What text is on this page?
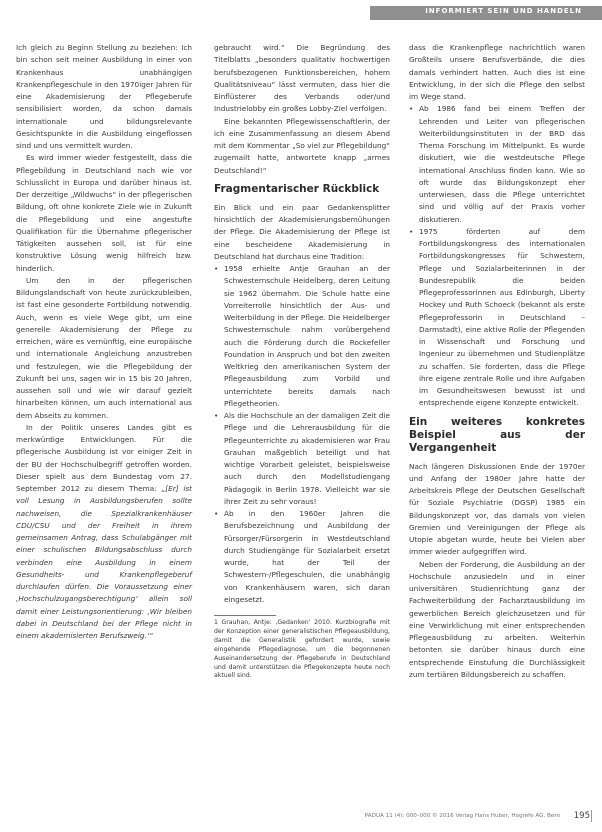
INFORMIERT SEIN UND HANDELN

Ich gleich zu Beginn Stellung zu beziehen: Ich bin schon seit meiner Ausbildung in einer von Krankenhaus unabhängigen Krankenpflegeschule in den 1970iger Jahren für eine Akademisierung der Pflegeberufe sensibilisiert worden, da schon damals internationale und bildungsrelevante Gesichtspunkte in die Ausbildung eingeflossen sind und uns vermittelt wurden.

Es wird immer wieder festgestellt, dass die Pflegebildung in Deutschland nach wie vor Schlusslicht in Europa und darüber hinaus ist. Der derzeitige „Wildwuchs“ in der pflegerischen Bildung, oft ohne konkrete Ziele wie in Zukunft die Pflegebildung und eine angestufte Qualifikation für die Übernahme pflegerischer Tätigkeiten aussehen soll, ist für eine konstruktive Lösung wenig hilfreich bzw. hinderlich.

Um den in der pflegerischen Bildungslandschaft von heute zurückzubleiben, ist fast eine gesonderte Fortbildung notwendig. Auch, wenn es viele Wege gibt, um eine generelle Akademisierung der Pflege zu erreichen, wäre es vernünftig, eine europäische und internationale Angleichung anzustreben und festzulegen, wie die Pflegebildung der Zukunft bei uns, sagen wir in 15 bis 20 Jahren, aussehen soll und wie wir darauf gezielt hinarbeiten können, um auch international aus dem Abseits zu kommen.

In der Politik unseres Landes gibt es merkwürdige Entwicklungen. Für die pflegerische Ausbildung ist vor einiger Zeit in der BU der Hochschulbegriff getroffen worden. Dieser spielt aus dem Bundestag vom 27. September 2012 zu diesem Thema: „[Er] ist voll Lesung in Ausbildungsberufen sollte nachweisen, die Spezialkrankenhäuser CDU/CSU und der Freiheit in ihrem gemeinsamen Antrag, dass Schulabgänger mit einer schulischen Bildungsabschluss durch verbinden eine Ausbildung in einem Gesundheits- und Krankenpflegeberuf durchlaufen dürfen. Die Voraussetzung einer ,Hochschulzugangsberechtigung‘ allein soll damit einer Leistungsorientierung: ,Wir bleiben dabei in Deutschland bei der Pflege nicht in einem akademisierten Berufszweig.‘“

gebraucht wird.“ Die Begründung des Titelblatts „besonders qualitativ hochwertigen berufsbezogenen Funktionsbereichen, hohem Qualitätsniveau“ lässt vermuten, dass hier die Einflüsterer des Verbands oder/und Industrielobby ein großes Lobby-Ziel verfolgen.

Eine bekannten Pflegewissenschaftlerin, der ich eine Zusammenfassung an diesem Abend mit dem Kommentar „So viel zur Pflegebildung“ zugemailt hatte, antwortete knapp „armes Deutschland!“

Fragmentarischer Rückblick

Ein Blick und ein paar Gedankensplitter hinsichtlich der Akademisierungsbemühungen der Pflege. Die Akademisierung der Pflege ist eine bescheidene Akademisierung in Deutschland hat durchaus eine Tradition:

• 1958 erhielte Antje Grauhan an der Schwesternschule Heidelberg, deren Leitung sie 1962 übernahm. Die Schule hatte eine Vorreiterrolle hinsichtlich der Aus- und Weiterbildung in der Pflege. Die Heidelberger Schwesternschule nahm vorübergehend auch die Förderung durch die Rockefeller Foundation in Anspruch und bot den zweiten Weltkrieg den amerikanischen System der Pflegeausbildung zum Vorbild und unterrichtete bereits damals nach Pflegetheorien.
• Als die Hochschule an der damaligen Zeit die Pflege und die Lehrerausbildung für die Pflegeunterrichte zu akademisieren war Frau Grauhan maßgeblich beteiligt und hat wichtige Vorarbeit geleistet, beispielsweise auch durch den Modellstudiengang Pädagogik in Berlin 1978. Vielleicht war sie ihrer Zeit zu sehr voraus!
• Ab in den 1960er Jahren die Berufsbezeichnung und Ausbildung der Fürsorger/Fürsorgerin in Westdeutschland durch Studiengänge für Sozialarbeit ersetzt wurde, hat der Teil der Schwestern-/Pflegeschulen, die unabhängig von Krankenhäusern waren, sich daran eingesetzt.

1 Grauhan, Antje: ,Gedanken‘ 2010. Kurzbiografie mit der Konzeption einer generalistischen Pflegeausbildung, damit die Generalistik gefordert wurde, sowie eingehende Pflegediagnose, um die begonnenen Auseinandersetzung der Pflegeberufe in Deutschland und damit unterstützen die Pflegekonzepte heute noch aktuell sind.

dass die Krankenpflege nachrichtlich waren Großteils unsere Berufsverbände, die dies damals verhindert hatten. Auch dies ist eine Entwicklung, in der sich die Pflege den selbst im Wege stand.

• Ab 1986 fand bei einem Treffen der Lehrenden und Leiter von pflegerischen Weiterbildungsinstituten in der BRD das Thema Forschung im Mittelpunkt. Es wurde diskutiert, wie die westdeutsche Pflege international Anschluss finden kann. Wie so oft wurde das Bildungskonzept eher unterwiesen, dass die Pflege unterrichtet sind und völlig auf der Praxis vorher diskutieren.
• 1975 förderten auf dem Fortbildungskongress des internationalen Fortbildungskongresses für Schwestern, Pflege und Sozialarbeiterinnen in der Bundesrepublik die beiden Pflegeprofessorinnen aus Edinburgh, Liberty Hockey und Ruth Schoeck (bekannt als erste Pflegeprofessorin in Deutschland – Darmstadt), eine aktive Rolle der Pflegenden in Wissenschaft und Forschung und Ingenieur zu übernehmen und Studienplätze zu schaffen. Sie forderten, dass die Pflege ihre eigene zentrale Rolle und ihre Aufgaben im Gesundheitswesen bewusst ist und entsprechende eigene Konzepte entwickelt.
Ein weiteres konkretes Beispiel aus der Vergangenheit

Nach längeren Diskussionen Ende der 1970er und Anfang der 1980er Jahre hatte der Arbeitskreis Pflege der Deutschen Gesellschaft für Soziale Psychiatrie (DGSP) 1985 ein Bildungskonzept vor, das damals von vielen Gremien und Vereinigungen der Pflege als Utopie abgetan wurde, heute bei Vielen aber immer wieder aufgegriffen wird.

Neben der Forderung, die Ausbildung an der Hochschule anzusiedeln und in einer universitären Studienrichtung ganz der Fachweiterbildung der Facharztausbildung im gewerblichen Bereich gleichzusetzen und für eine Verwirklichung mit einer entsprechenden Pflegeausbildung zu arbeiten. Weiterhin betonten sie darüber hinaus durch eine entsprechende Einstufung die Durchlässigkeit zum tertiären Bildungsbereich zu schaffen.

PADUA 11 (4): 000–000 © 2016 Verlag Hans Huber, Hogrefe AG, Bern 195
